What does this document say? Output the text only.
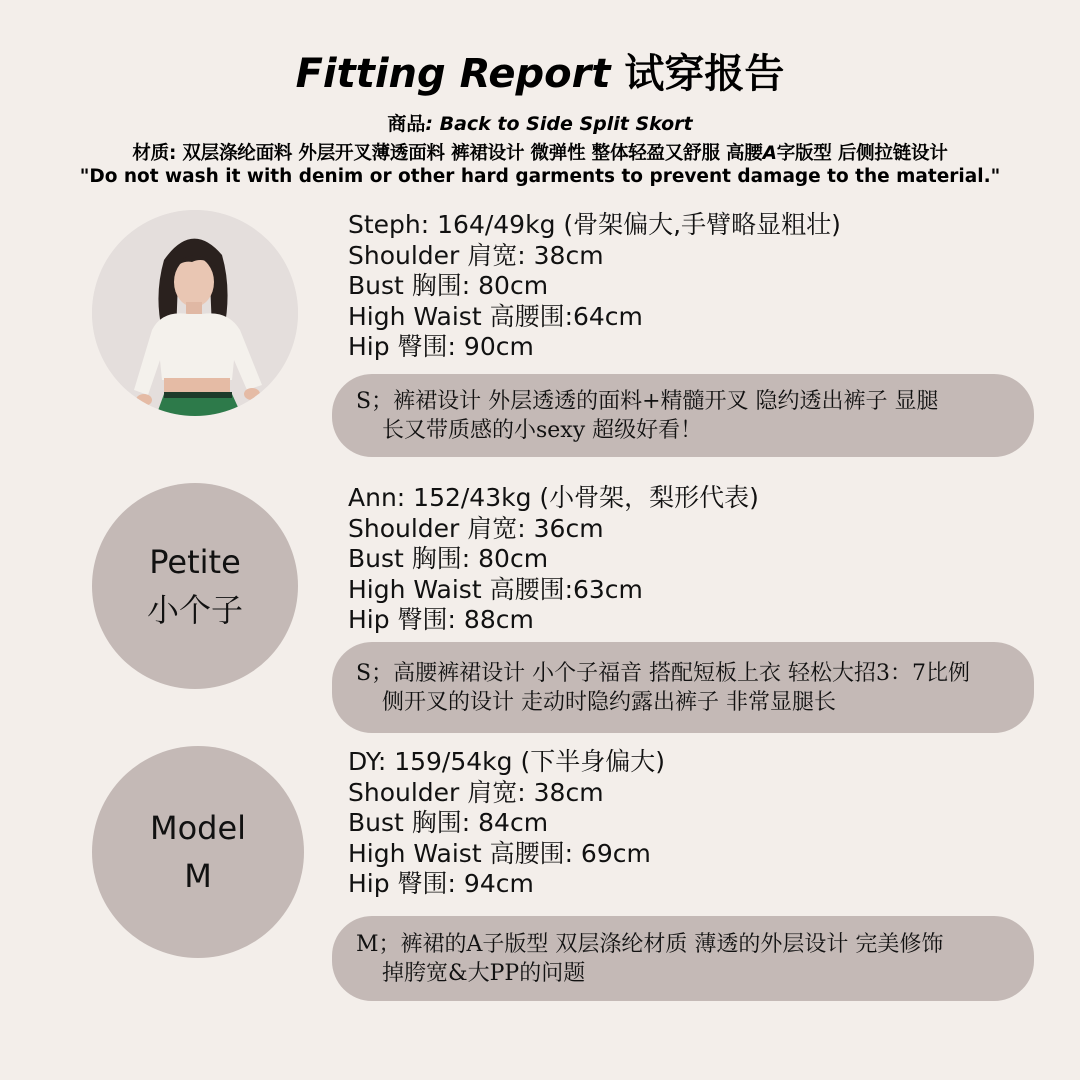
Fitting Report 试穿报告
商品: Back to Side Split Skort
材质: 双层涤纶面料 外层开叉薄透面料 裤裙设计 微弹性 整体轻盈又舒服 高腰A字版型 后侧拉链设计
"Do not wash it with denim or other hard garments to prevent damage to the material."
Steph: 164/49kg (骨架偏大,手臂略显粗壮)
Shoulder 肩宽: 38cm
Bust 胸围: 80cm
High Waist 高腰围:64cm
Hip 臀围: 90cm
S；裤裙设计 外层透透的面料+精髓开叉 隐约透出裤子 显腿
长又带质感的小sexy 超级好看！
Petite
小个子
Ann: 152/43kg (小骨架，梨形代表)
Shoulder 肩宽: 36cm
Bust 胸围: 80cm
High Waist 高腰围:63cm
Hip 臀围: 88cm
S；高腰裤裙设计 小个子福音 搭配短板上衣 轻松大招3：7比例
侧开叉的设计 走动时隐约露出裤子 非常显腿长
Model
M
DY: 159/54kg (下半身偏大)
Shoulder 肩宽: 38cm
Bust 胸围: 84cm
High Waist 高腰围: 69cm
Hip 臀围: 94cm
M；裤裙的A子版型 双层涤纶材质 薄透的外层设计 完美修饰
掉胯宽&大PP的问题
